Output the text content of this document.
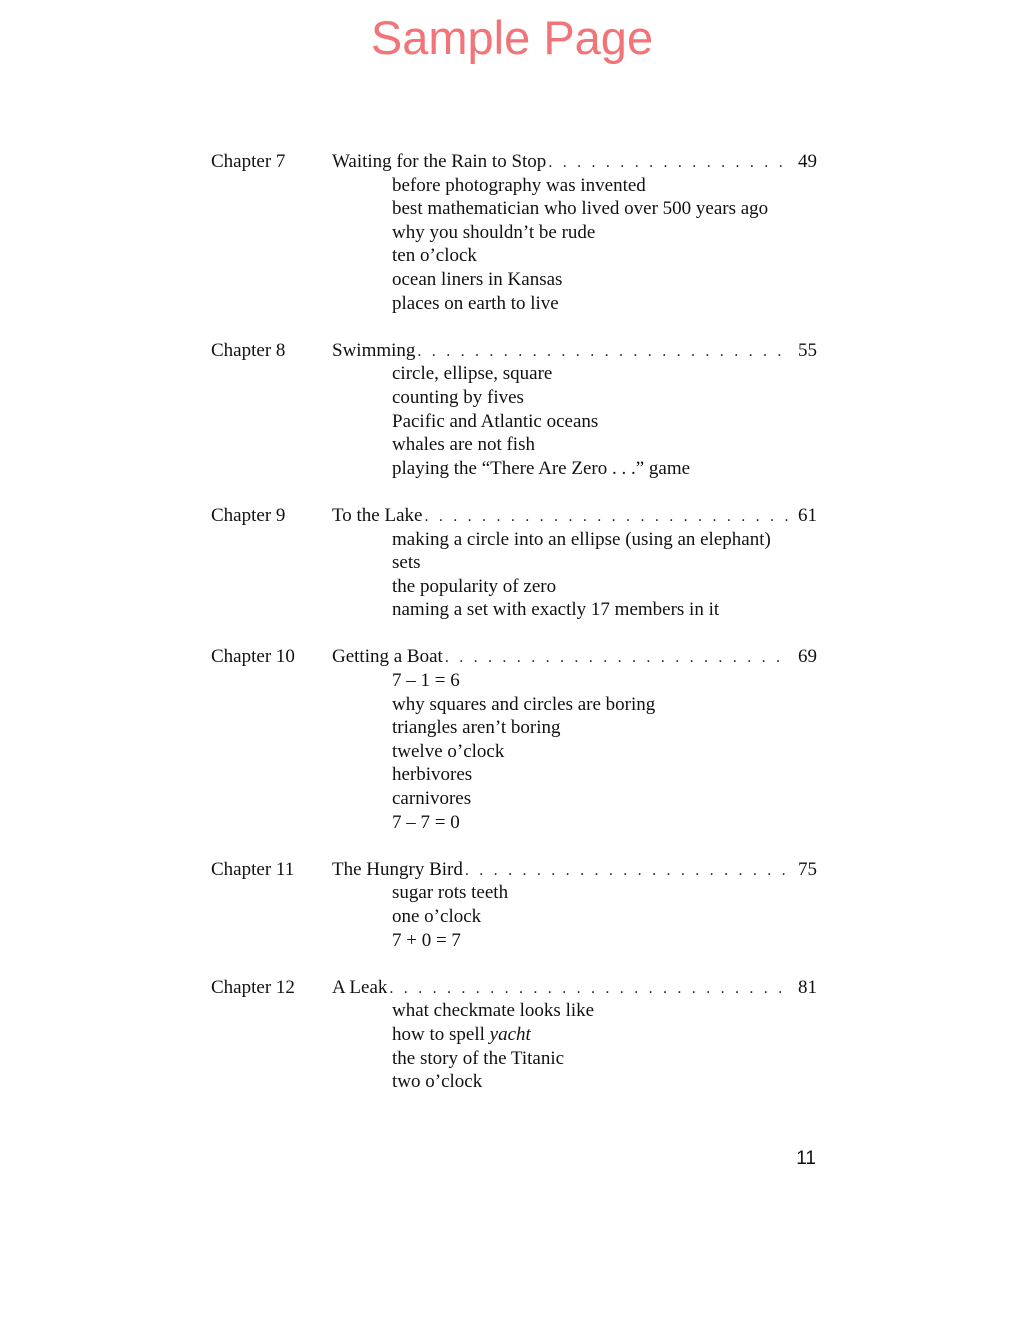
Sample Page
Chapter 7	Waiting for the Rain to Stop . . .	49
before photography was invented
best mathematician who lived over 500 years ago
why you shouldn’t be rude
ten o’clock
ocean liners in Kansas
places on earth to live
Chapter 8	Swimming . . .	55
circle, ellipse, square
counting by fives
Pacific and Atlantic oceans
whales are not fish
playing the “There Are Zero . . .” game
Chapter 9	To the Lake . . .	61
making a circle into an ellipse (using an elephant)
sets
the popularity of zero
naming a set with exactly 17 members in it
Chapter 10	Getting a Boat . . .	69
7 – 1 = 6
why squares and circles are boring
triangles aren’t boring
twelve o’clock
herbivores
carnivores
7 – 7 = 0
Chapter 11	The Hungry Bird . . .	75
sugar rots teeth
one o’clock
7 + 0 = 7
Chapter 12	A Leak . . .	81
what checkmate looks like
how to spell yacht
the story of the Titanic
two o’clock
11
